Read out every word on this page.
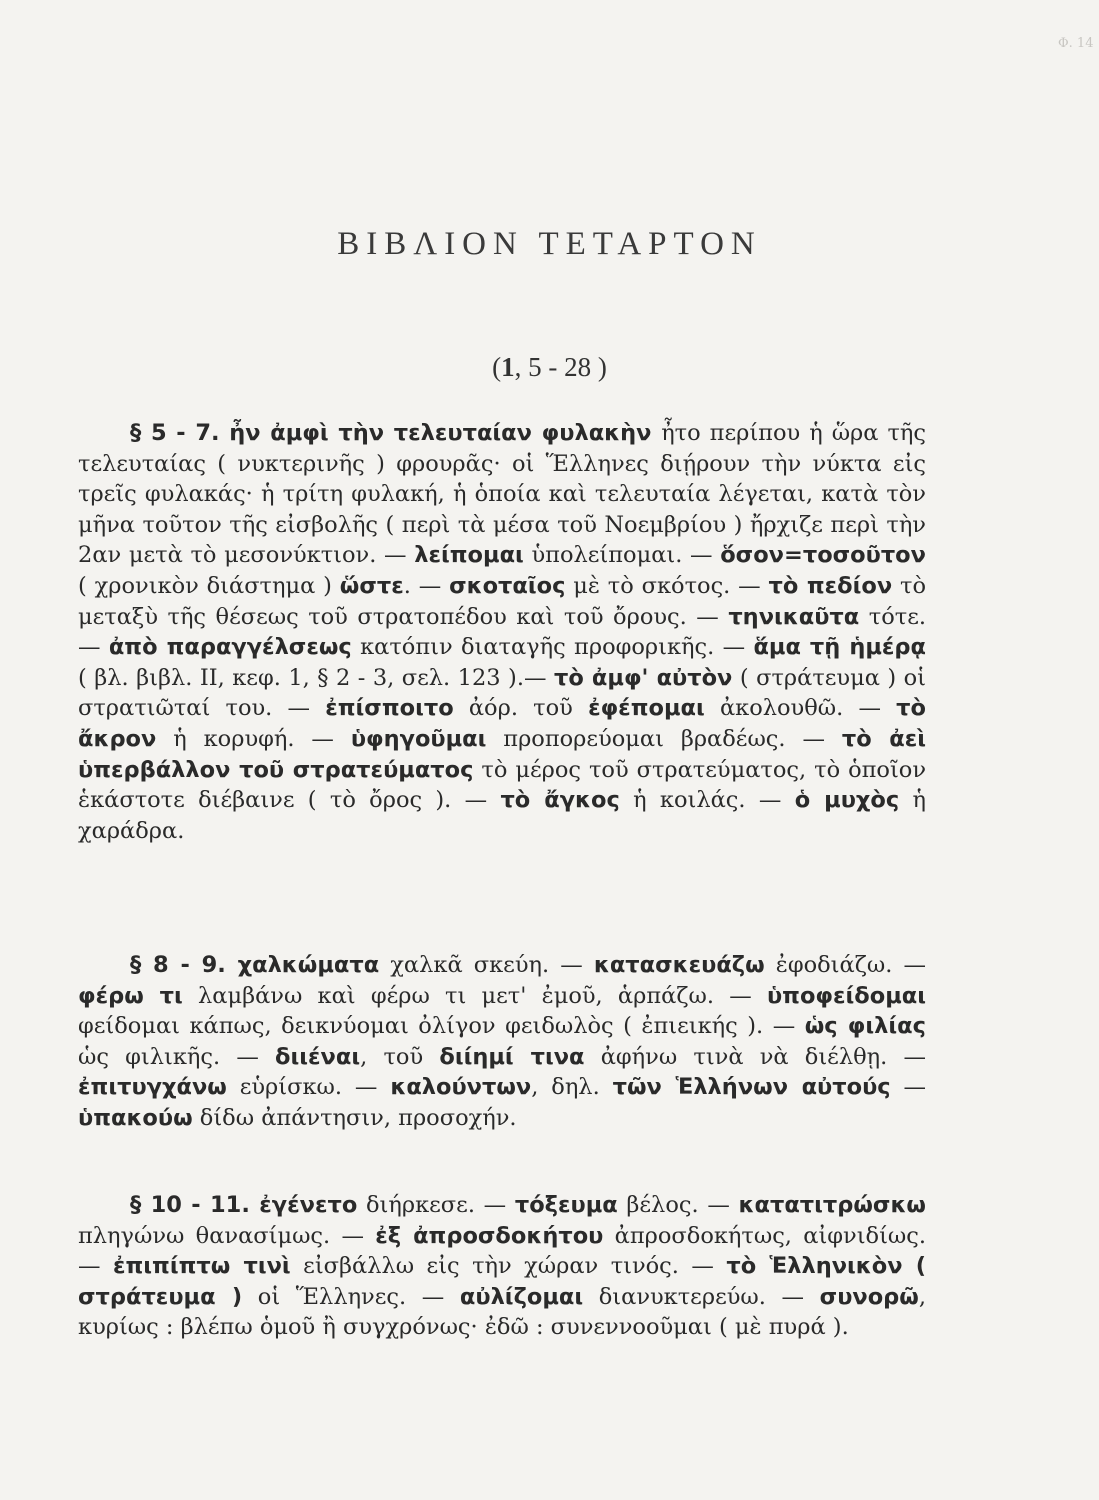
Φ. 14
ΒΙΒΛΙΟΝ ΤΕΤΑΡΤΟΝ
(1, 5 - 28 )
§ 5 - 7. ἦν ἀμφὶ τὴν τελευταίαν φυλακὴν ἦτο περίπου ἡ ὥρα τῆς τελευταίας ( νυκτερινῆς ) φρουρᾶς· οἱ Ἕλληνες διῄρουν τὴν νύκτα εἰς τρεῖς φυλακάς· ἡ τρίτη φυλακή, ἡ ὁποία καὶ τελευταία λέγεται, κατὰ τὸν μῆνα τοῦτον τῆς εἰσβολῆς ( περὶ τὰ μέσα τοῦ Νοεμβρίου ) ἤρχιζε περὶ τὴν 2αν μετὰ τὸ μεσονύκτιον. — λείπομαι ὑπολείπομαι. — ὅσον=τοσοῦτον ( χρονικὸν διάστημα ) ὥστε. — σκοταῖος μὲ τὸ σκότος. — τὸ πεδίον τὸ μεταξὺ τῆς θέσεως τοῦ στρατοπέδου καὶ τοῦ ὄρους. — τηνικαῦτα τότε. — ἀπὸ παραγγέλσεως κατόπιν διαταγῆς προφορικῆς. — ἅμα τῇ ἡμέρᾳ ( βλ. βιβλ. II, κεφ. 1, § 2 - 3, σελ. 123 ).— τὸ ἀμφ' αὐτὸν ( στράτευμα ) οἱ στρατιῶταί του. — ἐπίσποιτο ἀόρ. τοῦ ἐφέπομαι ἀκολουθῶ. — τὸ ἄκρον ἡ κορυφή. — ὑφηγοῦμαι προπορεύομαι βραδέως. — τὸ ἀεὶ ὑπερβάλλον τοῦ στρατεύματος τὸ μέρος τοῦ στρατεύματος, τὸ ὁποῖον ἑκάστοτε διέβαινε ( τὸ ὄρος ). — τὸ ἄγκος ἡ κοιλάς. — ὁ μυχὸς ἡ χαράδρα.
§ 8 - 9. χαλκώματα χαλκᾶ σκεύη. — κατασκευάζω ἐφοδιάζω. — φέρω τι λαμβάνω καὶ φέρω τι μετ' ἐμοῦ, ἁρπάζω. — ὑποφείδομαι φείδομαι κάπως, δεικνύομαι ὀλίγον φειδωλὸς ( ἐπιεικής ). — ὡς φιλίας ὡς φιλικῆς. — διιέναι, τοῦ διίημί τινα ἀφήνω τινὰ νὰ διέλθῃ. — ἐπιτυγχάνω εὑρίσκω. — καλούντων, δηλ. τῶν Ἑλλήνων αὐτούς — ὑπακούω δίδω ἀπάντησιν, προσοχήν.
§ 10 - 11. ἐγένετο διήρκεσε. — τόξευμα βέλος. — κατατιτρώσκω πληγώνω θανασίμως. — ἐξ ἀπροσδοκήτου ἀπροσδοκήτως, αἰφνιδίως. — ἐπιπίπτω τινὶ εἰσβάλλω εἰς τὴν χώραν τινός. — τὸ Ἑλληνικὸν ( στράτευμα ) οἱ Ἕλληνες. — αὐλίζομαι διανυκτερεύω. — συνορῶ, κυρίως : βλέπω ὁμοῦ ἢ συγχρόνως· ἐδῶ : συνεννοοῦμαι ( μὲ πυρά ).
